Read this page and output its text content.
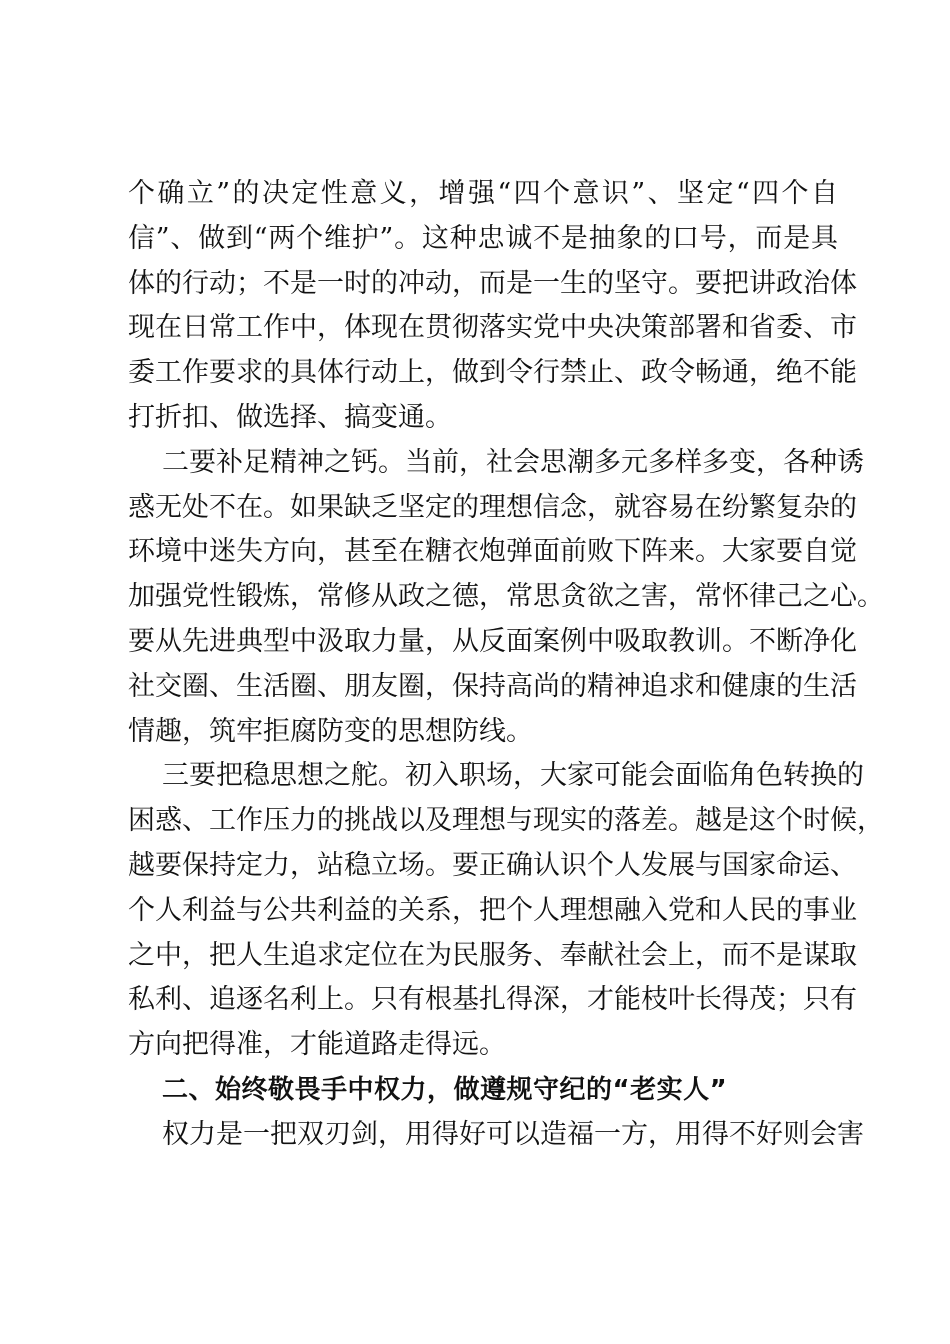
个确立”的决定性意义，增强“四个意识”、坚定“四个自
信”、做到“两个维护”。这种忠诚不是抽象的口号，而是具
体的行动；不是一时的冲动，而是一生的坚守。要把讲政治体
现在日常工作中，体现在贯彻落实党中央决策部署和省委、市
委工作要求的具体行动上，做到令行禁止、政令畅通，绝不能
打折扣、做选择、搞变通。
二要补足精神之钙。当前，社会思潮多元多样多变，各种诱
惑无处不在。如果缺乏坚定的理想信念，就容易在纷繁复杂的
环境中迷失方向，甚至在糖衣炮弹面前败下阵来。大家要自觉
加强党性锻炼，常修从政之德，常思贪欲之害，常怀律己之心。
要从先进典型中汲取力量，从反面案例中吸取教训。不断净化
社交圈、生活圈、朋友圈，保持高尚的精神追求和健康的生活
情趣，筑牢拒腐防变的思想防线。
三要把稳思想之舵。初入职场，大家可能会面临角色转换的
困惑、工作压力的挑战以及理想与现实的落差。越是这个时候，
越要保持定力，站稳立场。要正确认识个人发展与国家命运、
个人利益与公共利益的关系，把个人理想融入党和人民的事业
之中，把人生追求定位在为民服务、奉献社会上，而不是谋取
私利、追逐名利上。只有根基扎得深，才能枝叶长得茂；只有
方向把得准，才能道路走得远。
二、始终敬畏手中权力，做遵规守纪的“老实人”
权力是一把双刃剑，用得好可以造福一方，用得不好则会害
